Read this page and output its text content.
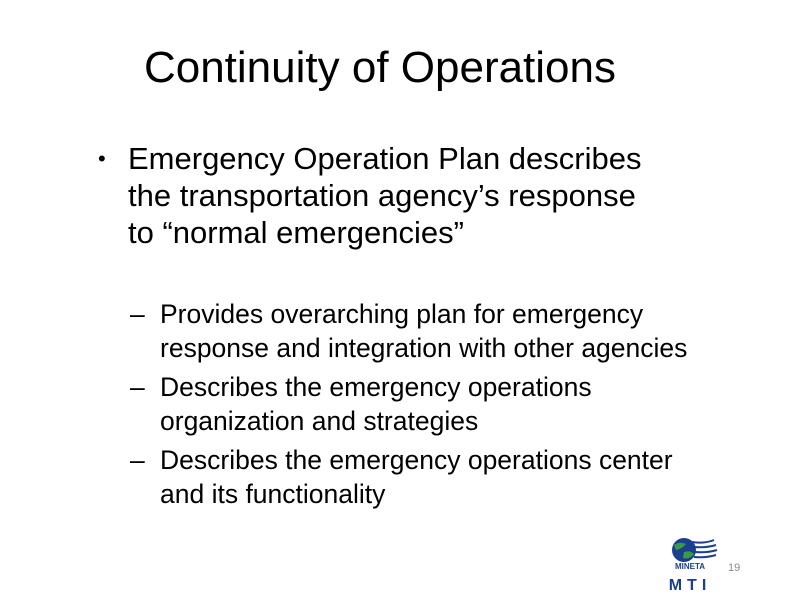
Continuity of Operations
• Emergency Operation Plan describes the transportation agency’s response to “normal emergencies”
– Provides overarching plan for emergency response and integration with other agencies
– Describes the emergency operations organization and strategies
– Describes the emergency operations center and its functionality
MINETA
MTI
19
